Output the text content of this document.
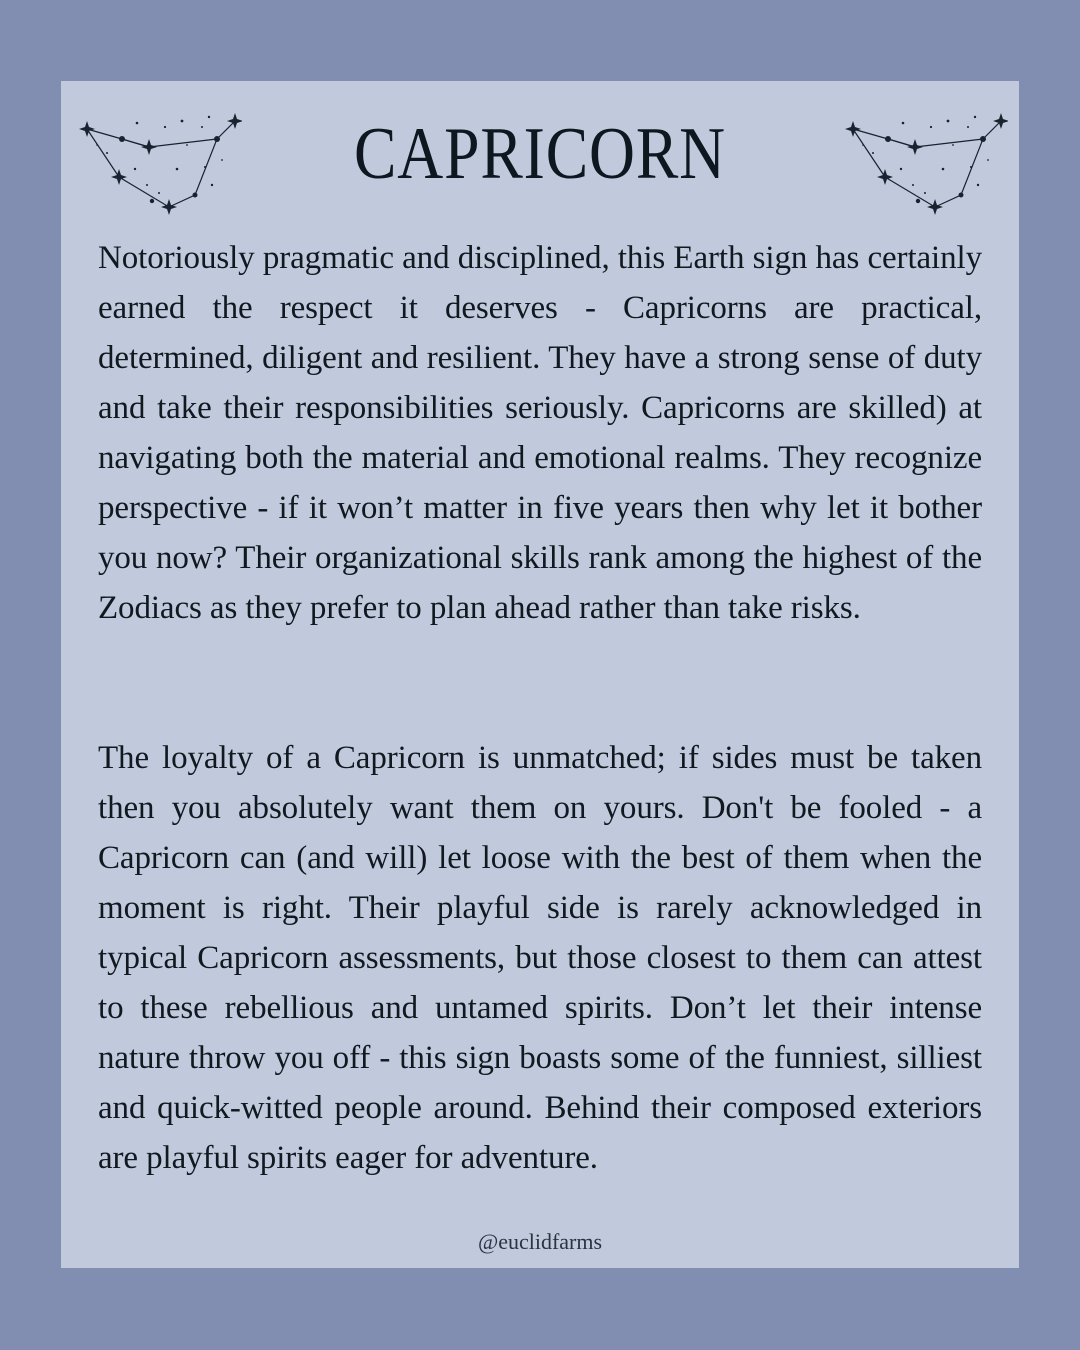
CAPRICORN

Notoriously pragmatic and disciplined, this Earth sign has certainly earned the respect it deserves - Capricorns are practical, determined, diligent and resilient. They have a strong sense of duty and take their responsibilities seriously. Capricorns are skilled) at navigating both the material and emotional realms. They recognize perspective - if it won’t matter in five years then why let it bother you now? Their organizational skills rank among the highest of the Zodiacs as they prefer to plan ahead rather than take risks.

The loyalty of a Capricorn is unmatched; if sides must be taken then you absolutely want them on yours. Don't be fooled - a Capricorn can (and will) let loose with the best of them when the moment is right. Their playful side is rarely acknowledged in typical Capricorn assessments, but those closest to them can attest to these rebellious and untamed spirits. Don’t let their intense nature throw you off - this sign boasts some of the funniest, silliest and quick-witted people around. Behind their composed exteriors are playful spirits eager for adventure.

@euclidfarms
